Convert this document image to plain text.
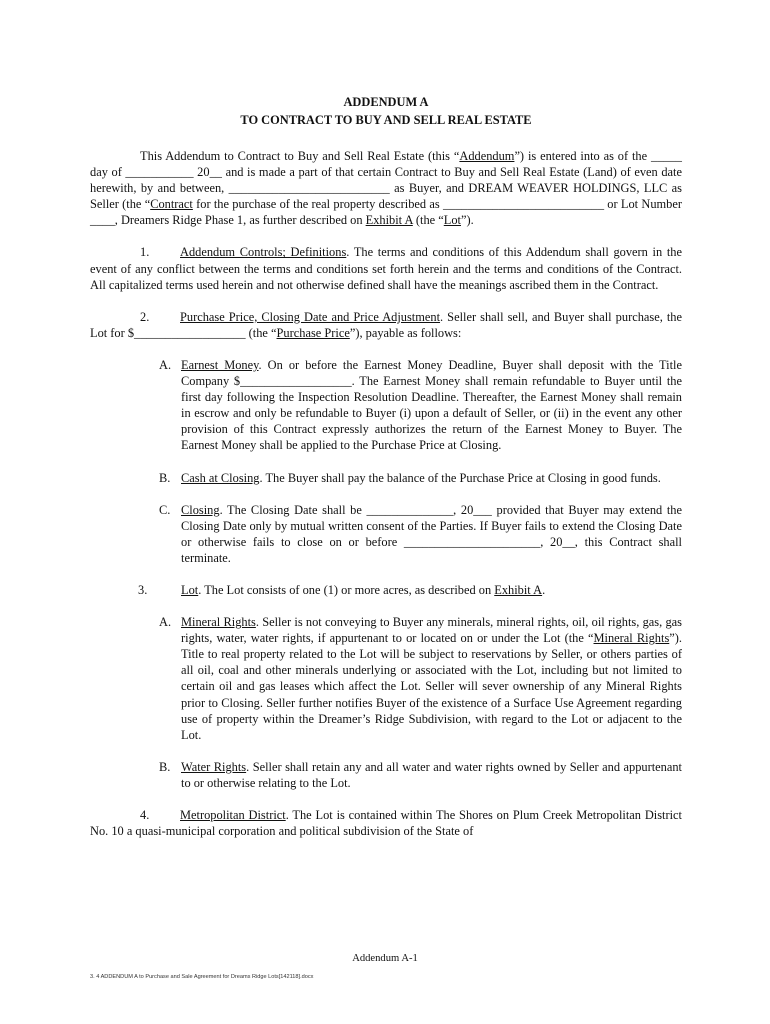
ADDENDUM A
TO CONTRACT TO BUY AND SELL REAL ESTATE

This Addendum to Contract to Buy and Sell Real Estate (this “Addendum”) is entered into as of the _____ day of ___________ 20__ and is made a part of that certain Contract to Buy and Sell Real Estate (Land) of even date herewith, by and between, __________________________ as Buyer, and DREAM WEAVER HOLDINGS, LLC as Seller (the “Contract for the purchase of the real property described as __________________________ or Lot Number ____, Dreamers Ridge Phase 1, as further described on Exhibit A (the “Lot”).

1. Addendum Controls; Definitions. The terms and conditions of this Addendum shall govern in the event of any conflict between the terms and conditions set forth herein and the terms and conditions of the Contract. All capitalized terms used herein and not otherwise defined shall have the meanings ascribed them in the Contract.

2. Purchase Price, Closing Date and Price Adjustment. Seller shall sell, and Buyer shall purchase, the Lot for $__________________ (the “Purchase Price”), payable as follows:

A. Earnest Money. On or before the Earnest Money Deadline, Buyer shall deposit with the Title Company $__________________. The Earnest Money shall remain refundable to Buyer until the first day following the Inspection Resolution Deadline. Thereafter, the Earnest Money shall remain in escrow and only be refundable to Buyer (i) upon a default of Seller, or (ii) in the event any other provision of this Contract expressly authorizes the return of the Earnest Money to Buyer. The Earnest Money shall be applied to the Purchase Price at Closing.
B. Cash at Closing. The Buyer shall pay the balance of the Purchase Price at Closing in good funds.
C. Closing. The Closing Date shall be ______________, 20___ provided that Buyer may extend the Closing Date only by mutual written consent of the Parties. If Buyer fails to extend the Closing Date or otherwise fails to close on or before ______________________, 20__, this Contract shall terminate.
3.	Lot. The Lot consists of one (1) or more acres, as described on Exhibit A.
A. Mineral Rights. Seller is not conveying to Buyer any minerals, mineral rights, oil, oil rights, gas, gas rights, water, water rights, if appurtenant to or located on or under the Lot (the “Mineral Rights”). Title to real property related to the Lot will be subject to reservations by Seller, or others parties of all oil, coal and other minerals underlying or associated with the Lot, including but not limited to certain oil and gas leases which affect the Lot. Seller will sever ownership of any Mineral Rights prior to Closing. Seller further notifies Buyer of the existence of a Surface Use Agreement regarding use of property within the Dreamer’s Ridge Subdivision, with regard to the Lot or adjacent to the Lot.
B. Water Rights. Seller shall retain any and all water and water rights owned by Seller and appurtenant to or otherwise relating to the Lot.

4. Metropolitan District. The Lot is contained within The Shores on Plum Creek Metropolitan District No. 10 a quasi-municipal corporation and political subdivision of the State of

Addendum A-1
3. 4 ADDENDUM A to Purchase and Sale Agreement for Dreams Ridge Lots[142118].docx
